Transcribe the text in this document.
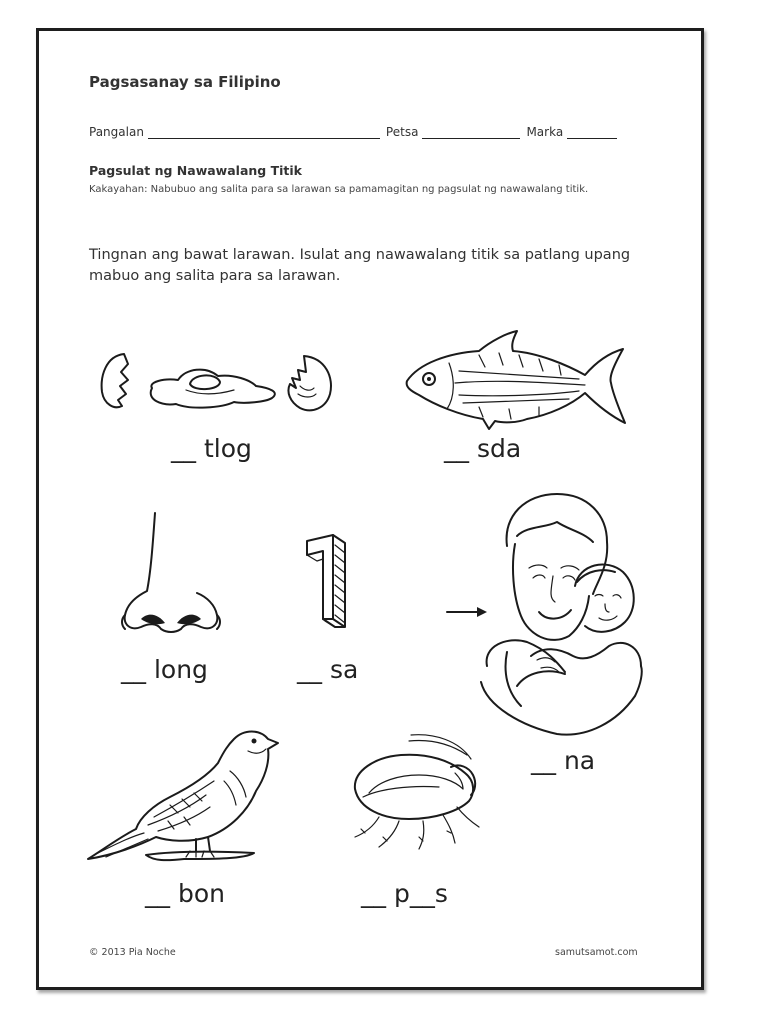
Pagsasanay sa Filipino
Pangalan	Petsa	Marka
Pagsulat ng Nawawalang Titik
Kakayahan: Nabubuo ang salita para sa larawan sa pamamagitan ng pagsulat ng nawawalang titik.
Tingnan ang bawat larawan. Isulat ang nawawalang titik sa patlang upang mabuo ang salita para sa larawan.
__ tlog	__ sda
__ long	__ sa
__ na
__ bon	__ p__s
© 2013 Pia Noche	samutsamot.com
